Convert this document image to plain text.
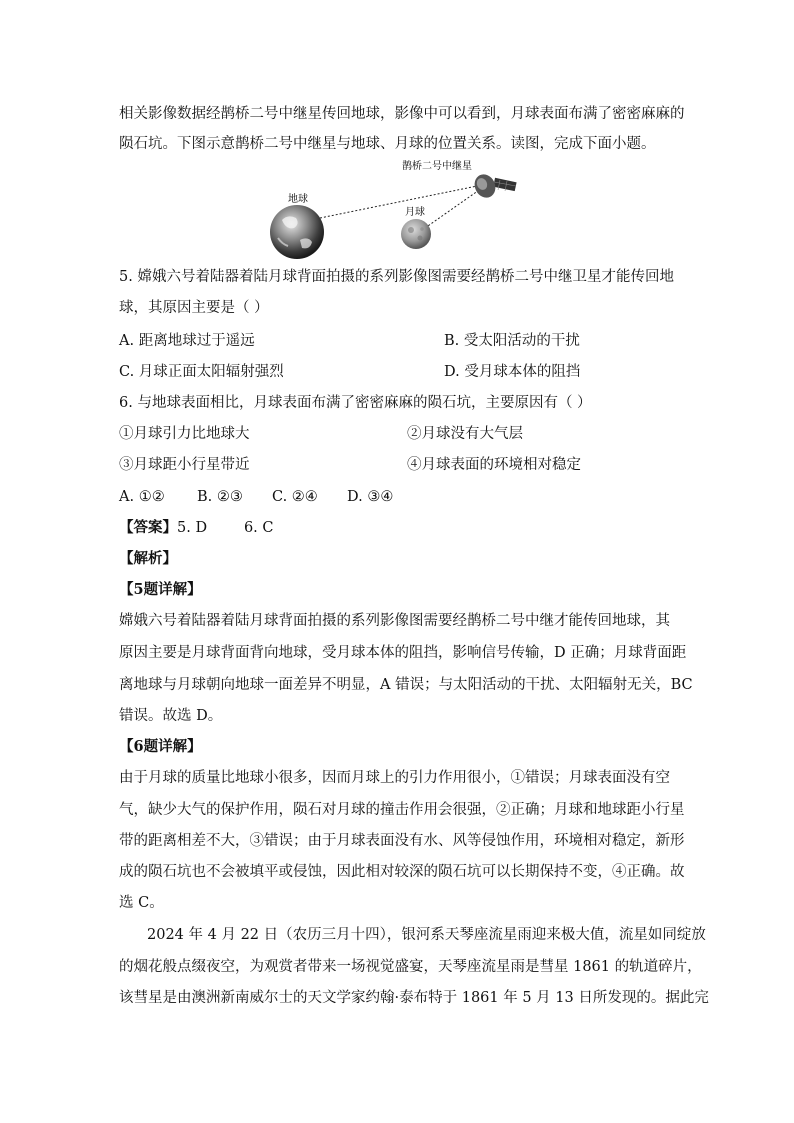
相关影像数据经鹊桥二号中继星传回地球，影像中可以看到，月球表面布满了密密麻麻的
陨石坑。下图示意鹊桥二号中继星与地球、月球的位置关系。读图，完成下面小题。
鹊桥二号中继星
地球
月球
5. 嫦娥六号着陆器着陆月球背面拍摄的系列影像图需要经鹊桥二号中继卫星才能传回地
球，其原因主要是（ ）
A. 距离地球过于遥远	B. 受太阳活动的干扰
C. 月球正面太阳辐射强烈	D. 受月球本体的阻挡
6. 与地球表面相比，月球表面布满了密密麻麻的陨石坑，主要原因有（ ）
①月球引力比地球大	②月球没有大气层
③月球距小行星带近	④月球表面的环境相对稳定
A. ①② B. ②③ C. ②④ D. ③④
【答案】5. D        6. C
【解析】
【5题详解】
嫦娥六号着陆器着陆月球背面拍摄的系列影像图需要经鹊桥二号中继才能传回地球，其
原因主要是月球背面背向地球，受月球本体的阻挡，影响信号传输，D 正确；月球背面距
离地球与月球朝向地球一面差异不明显，A 错误；与太阳活动的干扰、太阳辐射无关，BC
错误。故选 D。
【6题详解】
由于月球的质量比地球小很多，因而月球上的引力作用很小，①错误；月球表面没有空
气，缺少大气的保护作用，陨石对月球的撞击作用会很强，②正确；月球和地球距小行星
带的距离相差不大，③错误；由于月球表面没有水、风等侵蚀作用，环境相对稳定，新形
成的陨石坑也不会被填平或侵蚀，因此相对较深的陨石坑可以长期保持不变，④正确。故
选 C。
2024 年 4 月 22 日（农历三月十四），银河系天琴座流星雨迎来极大值，流星如同绽放
的烟花般点缀夜空，为观赏者带来一场视觉盛宴，天琴座流星雨是彗星 1861 的轨道碎片，
该彗星是由澳洲新南威尔士的天文学家约翰·泰布特于 1861 年 5 月 13 日所发现的。据此完
